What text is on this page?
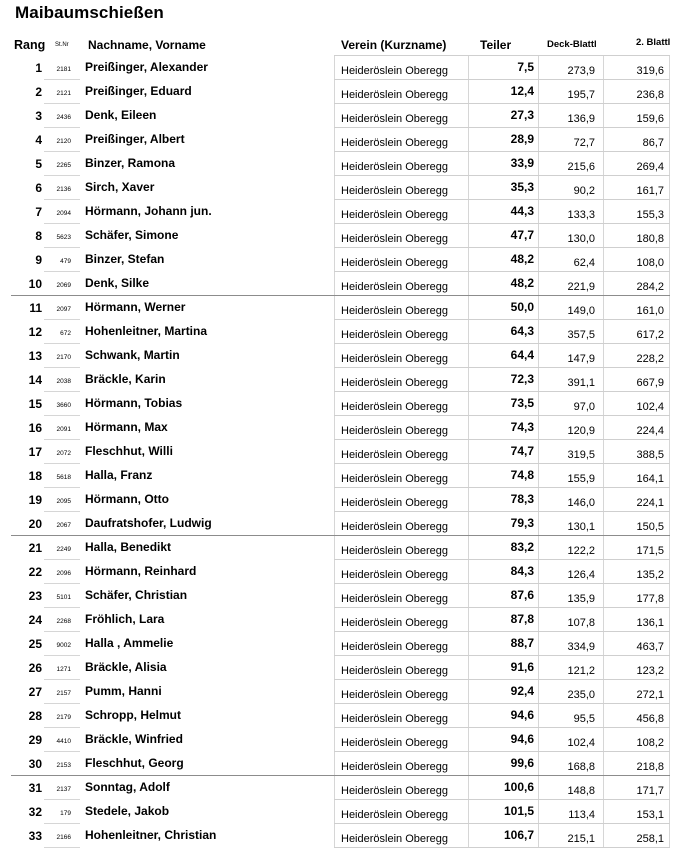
Maibaumschießen
Rang St.Nr Nachname, Vorname	Verein (Kurzname)	Teiler	Deck-Blattl	2. Blattl
1 2181 Preißinger, Alexander	Heideröslein Oberegg	7,5	273,9	319,6
2 2121 Preißinger, Eduard	Heideröslein Oberegg	12,4	195,7	236,8
3 2436 Denk, Eileen	Heideröslein Oberegg	27,3	136,9	159,6
4 2120 Preißinger, Albert	Heideröslein Oberegg	28,9	72,7	86,7
5 2265 Binzer, Ramona	Heideröslein Oberegg	33,9	215,6	269,4
6 2136 Sirch, Xaver	Heideröslein Oberegg	35,3	90,2	161,7
7 2094 Hörmann, Johann jun.	Heideröslein Oberegg	44,3	133,3	155,3
8 5623 Schäfer, Simone	Heideröslein Oberegg	47,7	130,0	180,8
9	479 Binzer, Stefan	Heideröslein Oberegg	48,2	62,4	108,0
10 2069 Denk, Silke	Heideröslein Oberegg	48,2	221,9	284,2
11 2097 Hörmann, Werner	Heideröslein Oberegg	50,0	149,0	161,0
12	672 Hohenleitner, Martina	Heideröslein Oberegg	64,3	357,5	617,2
13 2170 Schwank, Martin	Heideröslein Oberegg	64,4	147,9	228,2
14 2038 Bräckle, Karin	Heideröslein Oberegg	72,3	391,1	667,9
15 3660 Hörmann, Tobias	Heideröslein Oberegg	73,5	97,0	102,4
16 2091 Hörmann, Max	Heideröslein Oberegg	74,3	120,9	224,4
17 2072 Fleschhut, Willi	Heideröslein Oberegg	74,7	319,5	388,5
18 5618 Halla, Franz	Heideröslein Oberegg	74,8	155,9	164,1
19 2095 Hörmann, Otto	Heideröslein Oberegg	78,3	146,0	224,1
20 2067 Daufratshofer, Ludwig	Heideröslein Oberegg	79,3	130,1	150,5
21 2249 Halla, Benedikt	Heideröslein Oberegg	83,2	122,2	171,5
22 2096 Hörmann, Reinhard	Heideröslein Oberegg	84,3	126,4	135,2
23 5101 Schäfer, Christian	Heideröslein Oberegg	87,6	135,9	177,8
24 2268 Fröhlich, Lara	Heideröslein Oberegg	87,8	107,8	136,1
25 9002 Halla , Ammelie	Heideröslein Oberegg	88,7	334,9	463,7
26 1271 Bräckle, Alisia	Heideröslein Oberegg	91,6	121,2	123,2
27 2157 Pumm, Hanni	Heideröslein Oberegg	92,4	235,0	272,1
28 2179 Schropp, Helmut	Heideröslein Oberegg	94,6	95,5	456,8
29 4410 Bräckle, Winfried	Heideröslein Oberegg	94,6	102,4	108,2
30 2153 Fleschhut, Georg	Heideröslein Oberegg	99,6	168,8	218,8
31 2137 Sonntag, Adolf	Heideröslein Oberegg	100,6	148,8	171,7
32	179 Stedele, Jakob	Heideröslein Oberegg	101,5	113,4	153,1
33 2166 Hohenleitner, Christian	Heideröslein Oberegg	106,7	215,1	258,1
